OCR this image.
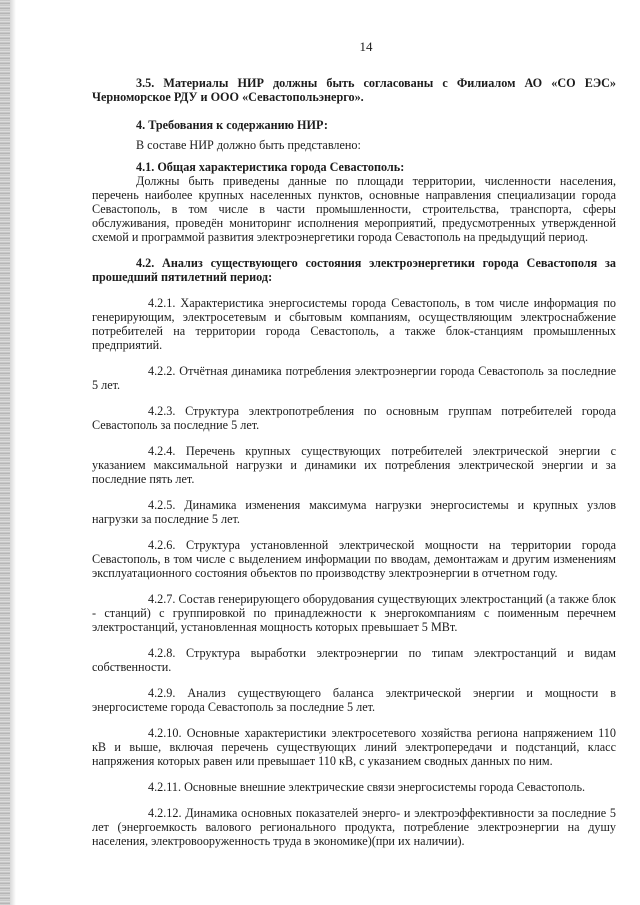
14

3.5. Материалы НИР должны быть согласованы с Филиалом АО «СО ЕЭС» Черноморское РДУ и ООО «Севастопольэнерго».

4. Требования к содержанию НИР:

В составе НИР должно быть представлено:

4.1. Общая характеристика города Севастополь:

Должны быть приведены данные по площади территории, численности населения, перечень наиболее крупных населенных пунктов, основные направления специализации города Севастополь, в том числе в части промышленности, строительства, транспорта, сферы обслуживания, проведён мониторинг исполнения мероприятий, предусмотренных утвержденной схемой и программой развития электроэнергетики города Севастополь на предыдущий период.

4.2. Анализ существующего состояния электроэнергетики города Севастополя за прошедший пятилетний период:

4.2.1. Характеристика энергосистемы города Севастополь, в том числе информация по генерирующим, электросетевым и сбытовым компаниям, осуществляющим электроснабжение потребителей на территории города Севастополь, а также блок-станциям промышленных предприятий.

4.2.2. Отчётная динамика потребления электроэнергии города Севастополь за последние 5 лет.

4.2.3. Структура электропотребления по основным группам потребителей города Севастополь за последние 5 лет.

4.2.4. Перечень крупных существующих потребителей электрической энергии с указанием максимальной нагрузки и динамики их потребления электрической энергии и за последние пять лет.

4.2.5. Динамика изменения максимума нагрузки энергосистемы и крупных узлов нагрузки за последние 5 лет.

4.2.6. Структура установленной электрической мощности на территории города Севастополь, в том числе с выделением информации по вводам, демонтажам и другим изменениям эксплуатационного состояния объектов по производству электроэнергии в отчетном году.

4.2.7. Состав генерирующего оборудования существующих электростанций (а также блок - станций) с группировкой по принадлежности к энергокомпаниям с поименным перечнем электростанций, установленная мощность которых превышает 5 МВт.

4.2.8. Структура выработки электроэнергии по типам электростанций и видам собственности.

4.2.9. Анализ существующего баланса электрической энергии и мощности в энергосистеме города Севастополь за последние 5 лет.

4.2.10. Основные характеристики электросетевого хозяйства региона напряжением 110 кВ и выше, включая перечень существующих линий электропередачи и подстанций, класс напряжения которых равен или превышает 110 кВ, с указанием сводных данных по ним.

4.2.11. Основные внешние электрические связи энергосистемы города Севастополь.

4.2.12. Динамика основных показателей энерго- и электроэффективности за последние 5 лет (энергоемкость валового регионального продукта, потребление электроэнергии на душу населения, электровооруженность труда в экономике)(при их наличии).
